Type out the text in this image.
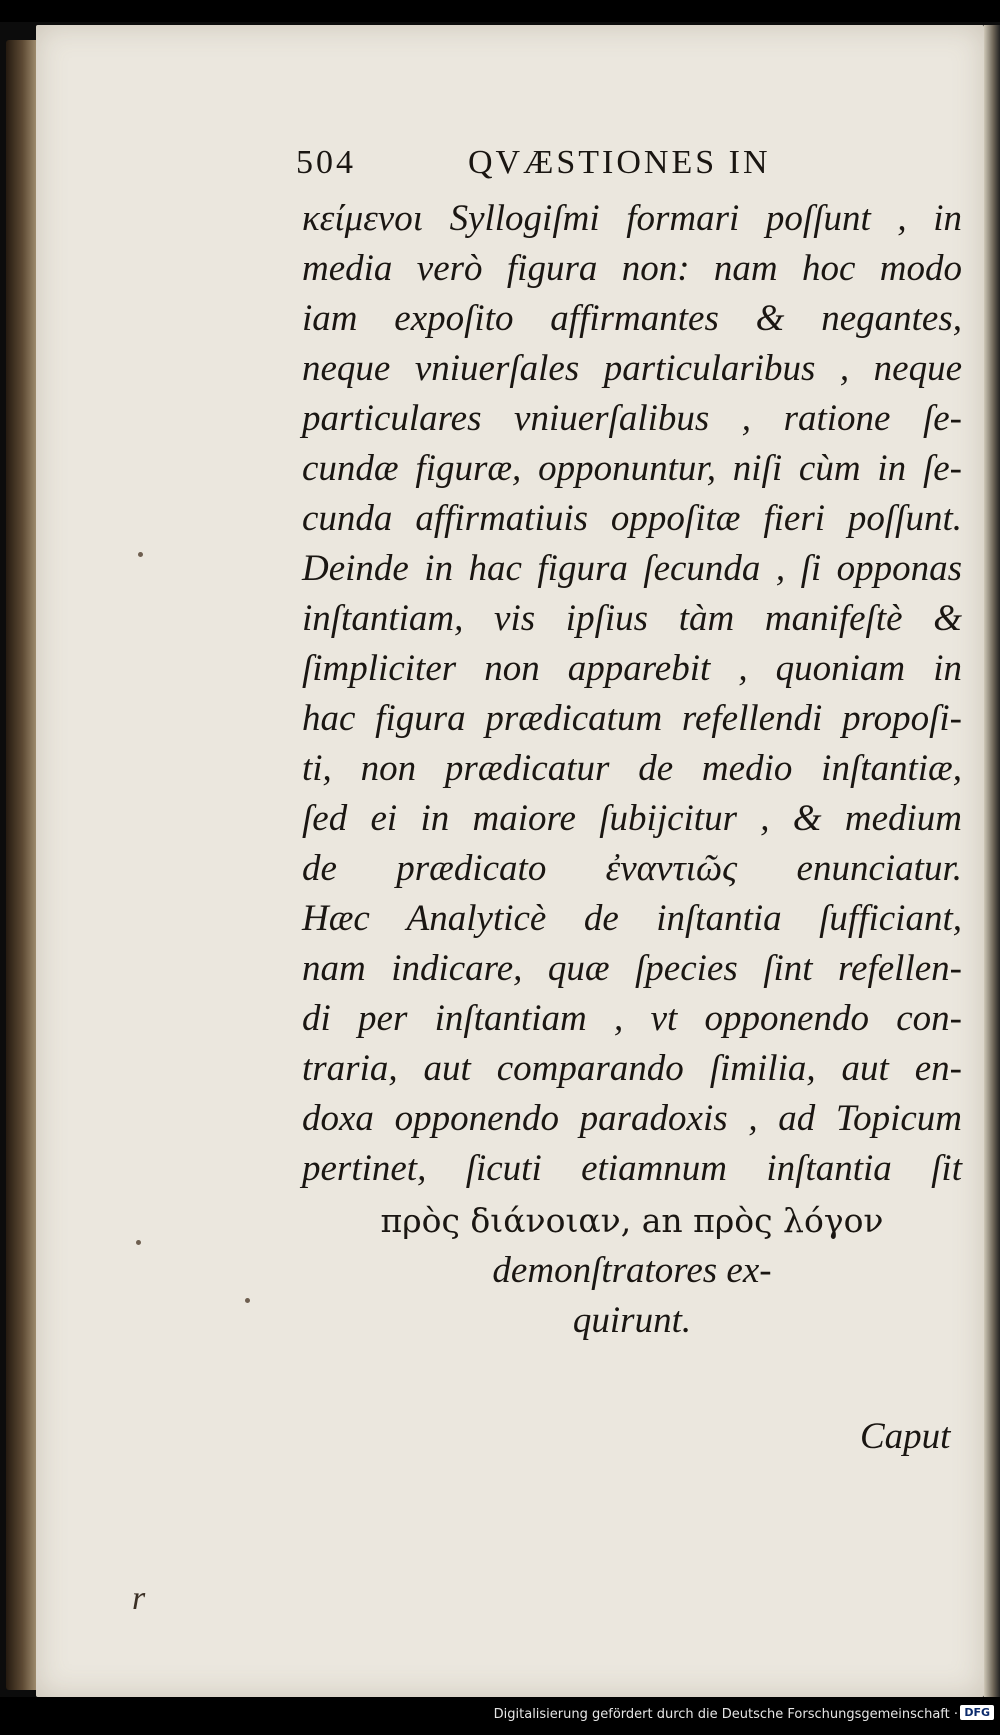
504	QVÆSTIONES IN
κείμενοι Syllogiſmi formari poſſunt , in
media verò figura non: nam hoc modo
iam expoſito affirmantes & negantes,
neque vniuerſales particularibus , neque
particulares vniuerſalibus , ratione ſe-
cundæ figuræ, opponuntur, niſi cùm in ſe-
cunda affirmatiuis oppoſitæ fieri poſſunt.
Deinde in hac figura ſecunda , ſi opponas
inſtantiam, vis ipſius tàm manifeſtè &
ſimpliciter non apparebit , quoniam in
hac figura prædicatum refellendi propoſi-
ti, non prædicatur de medio inſtantiæ,
ſed ei in maiore ſubijcitur , & medium
de prædicato ἐναντιῶς enunciatur.
Hæc Analyticè de inſtantia ſufficiant,
nam indicare, quæ ſpecies ſint refellen-
di per inſtantiam , vt opponendo con-
traria, aut comparando ſimilia, aut en-
doxa opponendo paradoxis , ad Topicum
pertinet, ſicuti etiamnum inſtantia ſit
πρὸς διάνοιαν, an πρὸς λόγον
demonſtratores ex-
quirunt.
Caput
r
Digitalisierung gefördert durch die Deutsche Forschungsgemeinschaft · DFG
